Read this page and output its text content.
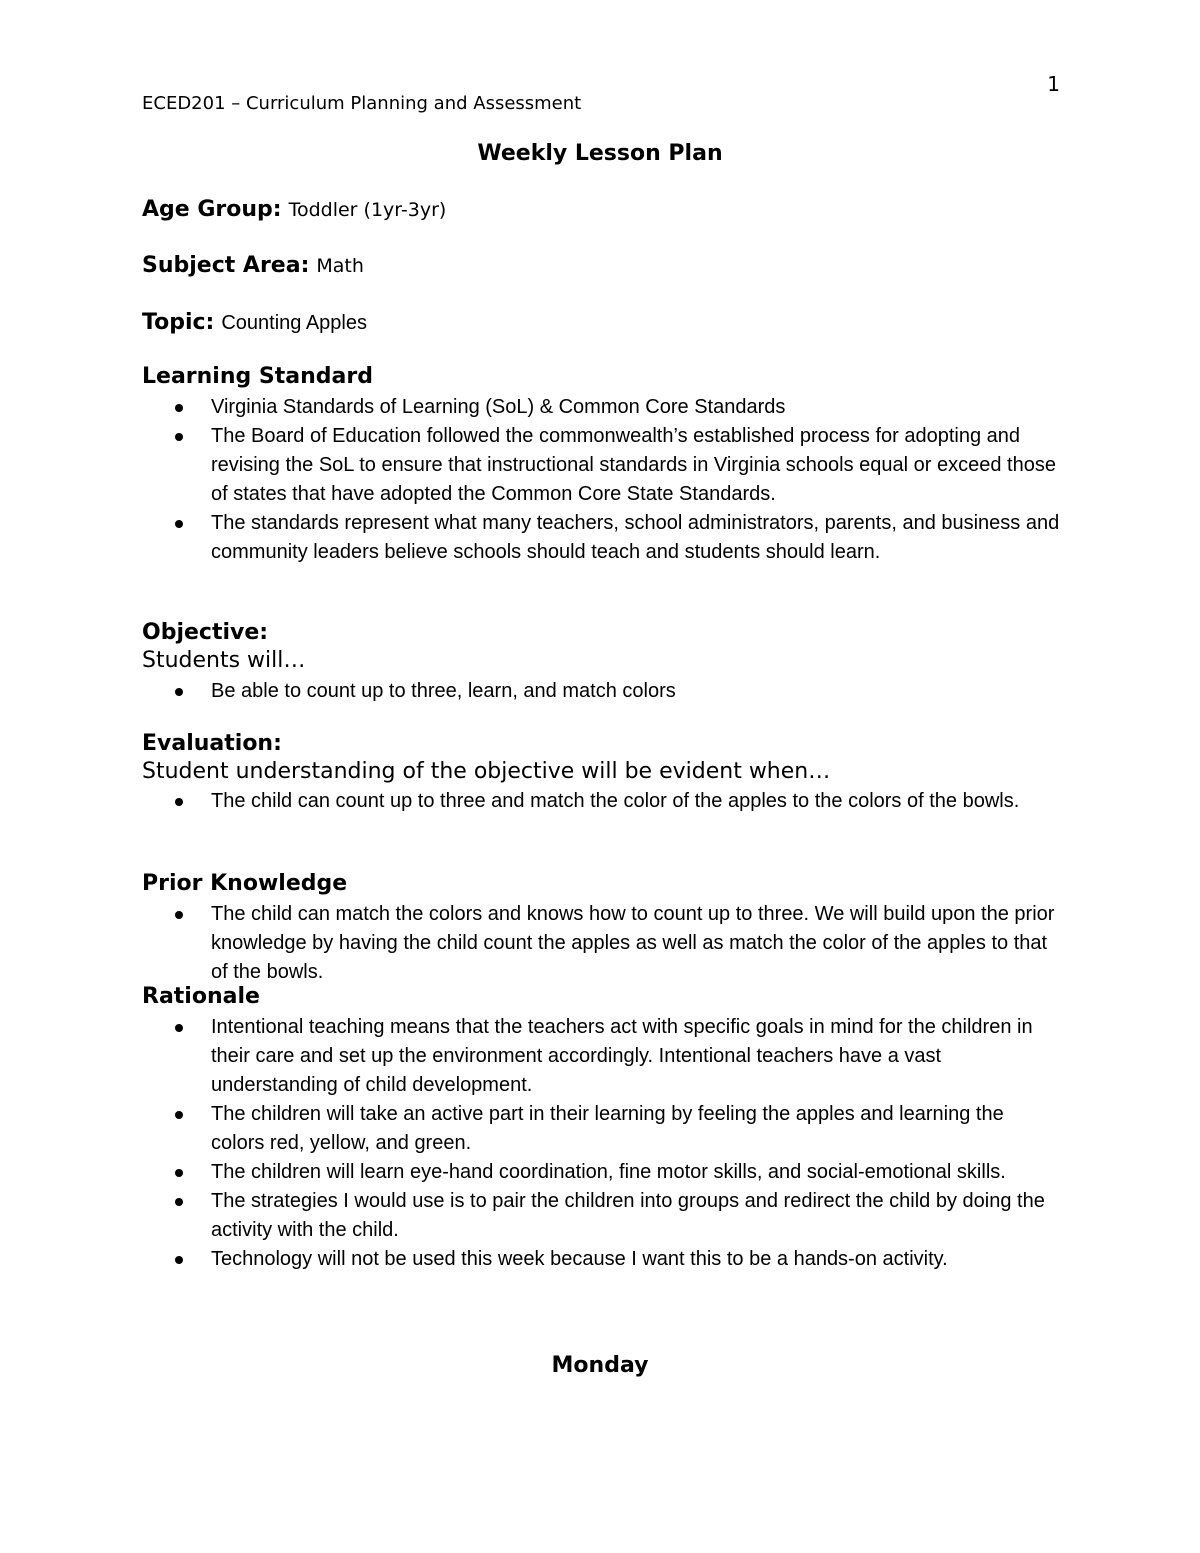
1
ECED201 – Curriculum Planning and Assessment
Weekly Lesson Plan
Age Group: Toddler (1yr-3yr)
Subject Area: Math
Topic: Counting Apples
Learning Standard
Virginia Standards of Learning (SoL) & Common Core Standards
The Board of Education followed the commonwealth’s established process for adopting and revising the SoL to ensure that instructional standards in Virginia schools equal or exceed those of states that have adopted the Common Core State Standards.
The standards represent what many teachers, school administrators, parents, and business and community leaders believe schools should teach and students should learn.
Objective:
Students will…
Be able to count up to three, learn, and match colors
Evaluation:
Student understanding of the objective will be evident when…
The child can count up to three and match the color of the apples to the colors of the bowls.
Prior Knowledge
The child can match the colors and knows how to count up to three. We will build upon the prior knowledge by having the child count the apples as well as match the color of the apples to that of the bowls.
Rationale
Intentional teaching means that the teachers act with specific goals in mind for the children in their care and set up the environment accordingly. Intentional teachers have a vast understanding of child development.
The children will take an active part in their learning by feeling the apples and learning the colors red, yellow, and green.
The children will learn eye-hand coordination, fine motor skills, and social-emotional skills.
The strategies I would use is to pair the children into groups and redirect the child by doing the activity with the child.
Technology will not be used this week because I want this to be a hands-on activity.
Monday
